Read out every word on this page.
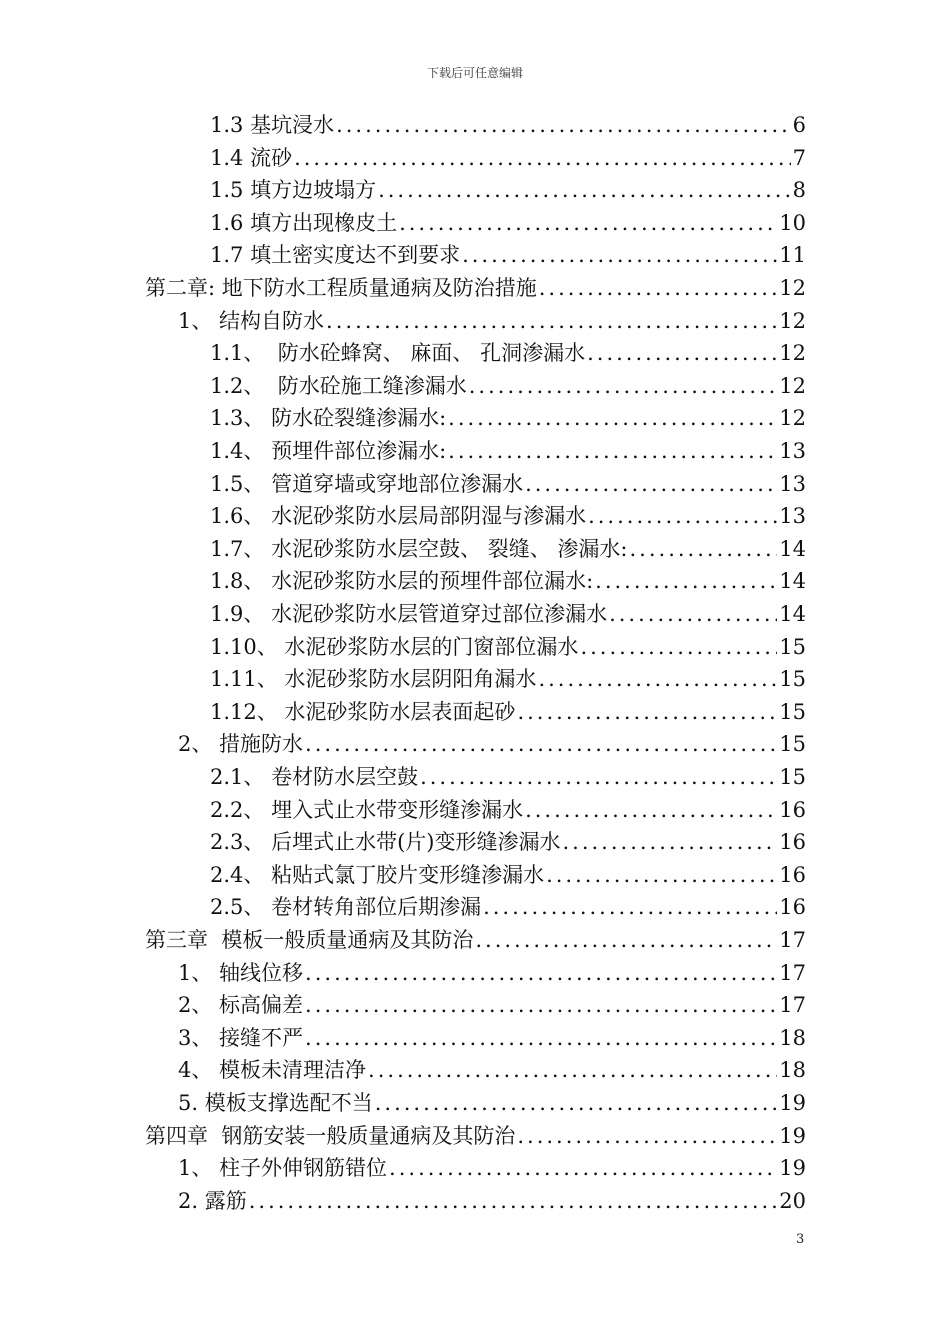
下载后可任意编辑
1.3 基坑浸水 .....	6
1.4 流砂 .....	7
1.5 填方边坡塌方 .....	8
1.6 填方出现橡皮土 .....	10
1.7 填土密实度达不到要求 .....	11
第二章: 地下防水工程质量通病及防治措施 .....	12
1、 结构自防水 .....	12
1.1、  防水砼蜂窝、 麻面、 孔洞渗漏水 .....	12
1.2、  防水砼施工缝渗漏水 .....	12
1.3、 防水砼裂缝渗漏水: .....	12
1.4、 预埋件部位渗漏水: .....	13
1.5、 管道穿墙或穿地部位渗漏水 .....	13
1.6、 水泥砂浆防水层局部阴湿与渗漏水 .....	13
1.7、 水泥砂浆防水层空鼓、 裂缝、 渗漏水: .....	14
1.8、 水泥砂浆防水层的预埋件部位漏水: .....	14
1.9、 水泥砂浆防水层管道穿过部位渗漏水 .....	14
1.10、 水泥砂浆防水层的门窗部位漏水 .....	15
1.11、 水泥砂浆防水层阴阳角漏水 .....	15
1.12、 水泥砂浆防水层表面起砂 .....	15
2、 措施防水 .....	15
2.1、 卷材防水层空鼓 .....	15
2.2、 埋入式止水带变形缝渗漏水 .....	16
2.3、 后埋式止水带(片)变形缝渗漏水 .....	16
2.4、 粘贴式氯丁胶片变形缝渗漏水 .....	16
2.5、 卷材转角部位后期渗漏 .....	16
第三章  模板一般质量通病及其防治 .....	17
1、 轴线位移 .....	17
2、 标高偏差 .....	17
3、 接缝不严 .....	18
4、 模板未清理洁净 .....	18
5. 模板支撑选配不当 .....	19
第四章  钢筋安装一般质量通病及其防治 .....	19
1、 柱子外伸钢筋错位 .....	19
2. 露筋 .....	20
3
